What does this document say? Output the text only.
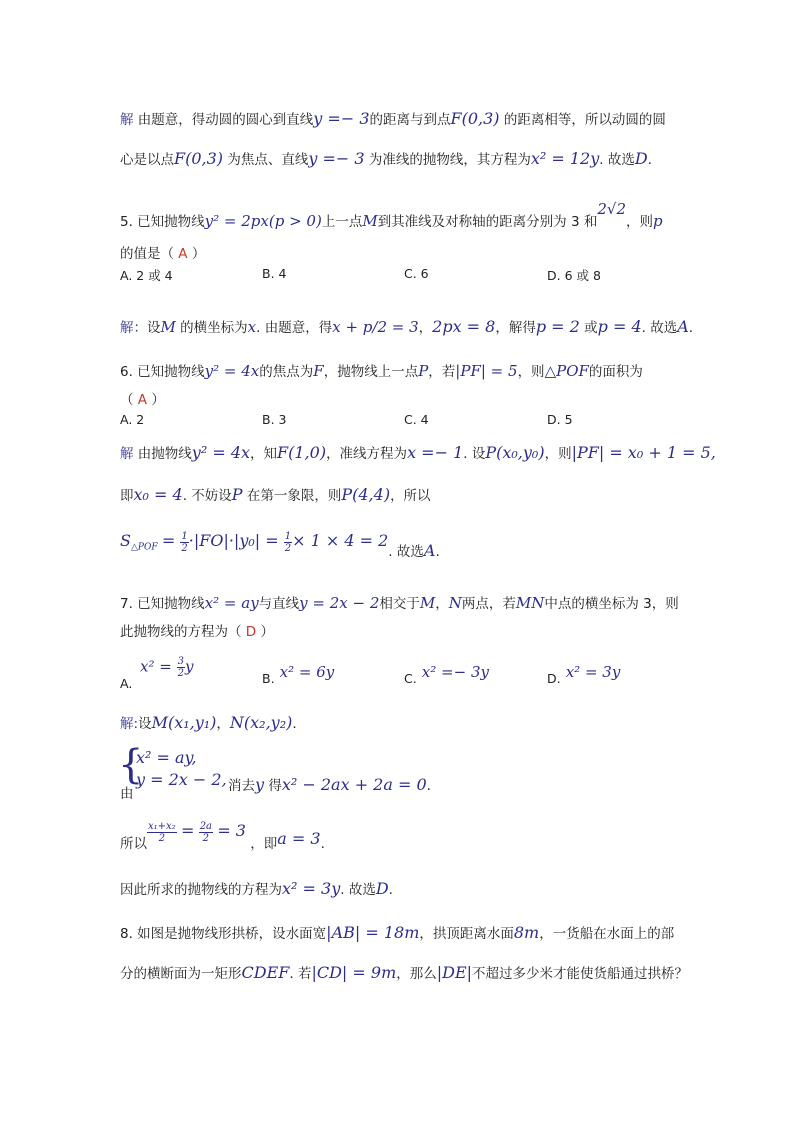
解 由题意，得动圆的圆心到直线y =− 3的距离与到点F(0,3) 的距离相等，所以动圆的圆
心是以点F(0,3) 为焦点、直线y =− 3 为准线的抛物线，其方程为x² = 12y. 故选D.
5. 已知抛物线y² = 2px(p > 0)上一点M到其准线及对称轴的距离分别为 3 和2√2，则p
的值是（ A ）
A. 2 或 4	B. 4	C. 6	D. 6 或 8
解：设M 的横坐标为x. 由题意，得x + p/2 = 3，2px = 8，解得p = 2 或p = 4. 故选A.
6. 已知抛物线y² = 4x的焦点为F，抛物线上一点P，若|PF| = 5，则△POF的面积为
（ A ）
A. 2	B. 3	C. 4	D. 5
解 由抛物线y² = 4x，知F(1,0)，准线方程为x =− 1. 设P(x₀,y₀)，则|PF| = x₀ + 1 = 5,
即x₀ = 4. 不妨设P 在第一象限，则P(4,4)，所以
$S_{\triangle POF} = \frac{1}{2} \cdot|FO|\cdot|y_0| = \frac{1}{2} \times 1 \times 4 = 2$. 故选A.
7. 已知抛物线x² = ay与直线y = 2x − 2相交于M，N两点，若MN中点的横坐标为 3，则
此抛物线的方程为（ D ）
A.
$x^2 = \frac{3}{2}$ y
B. x² = 6y	C. x² =− 3y	D. x² = 3y
解:设M(x₁,y₁)，N(x₂,y₂).
{
x² = ay,
y = 2x − 2,
由	消去y 得x² − 2ax + 2a = 0.
所以
$\frac{\text{x₁+x₂}}{2} = \frac{2a}{2} = 3$ ，即a = 3.
因此所求的抛物线的方程为x² = 3y. 故选D.
8. 如图是抛物线形拱桥，设水面宽|AB| = 18m，拱顶距离水面8m，一货船在水面上的部
分的横断面为一矩形CDEF. 若|CD| = 9m，那么|DE|不超过多少米才能使货船通过拱桥？
